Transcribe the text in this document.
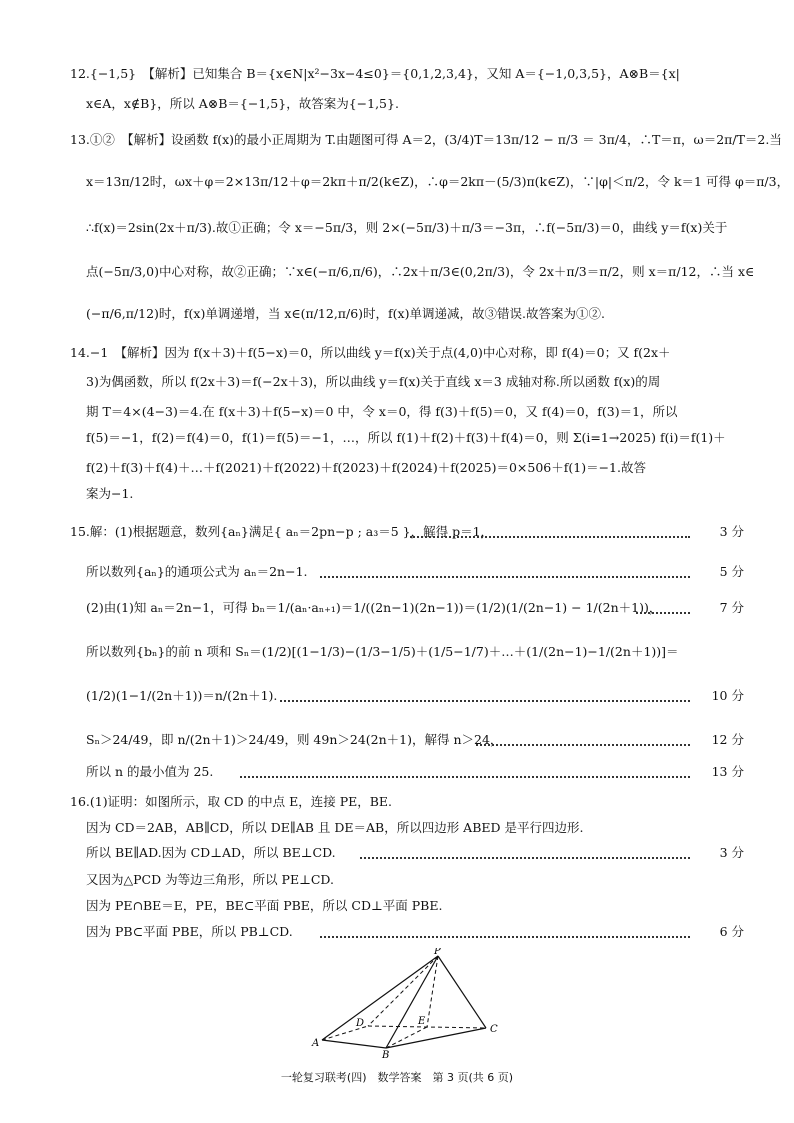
12.{−1,5}　【解析】已知集合 B＝{x∈N|x²−3x−4≤0}＝{0,1,2,3,4}，又知 A＝{−1,0,3,5}，A⊗B＝{x|
x∈A，x∉B}，所以 A⊗B＝{−1,5}，故答案为{−1,5}.
13.①②　【解析】设函数 f(x)的最小正周期为 T.由题图可得 A＝2，(3/4)T＝13π/12 − π/3 ＝ 3π/4，∴T＝π，ω＝2π/T＝2.当
x＝13π/12时，ωx＋φ＝2×13π/12＋φ＝2kπ＋π/2(k∈Z)，∴φ＝2kπ－(5/3)π(k∈Z)，∵|φ|＜π/2，令 k＝1 可得 φ＝π/3，
∴f(x)＝2sin(2x＋π/3).故①正确；令 x＝−5π/3，则 2×(−5π/3)＋π/3＝−3π，∴f(−5π/3)＝0，曲线 y＝f(x)关于
点(−5π/3,0)中心对称，故②正确；∵x∈(−π/6,π/6)，∴2x＋π/3∈(0,2π/3)，令 2x＋π/3＝π/2，则 x＝π/12，∴当 x∈
(−π/6,π/12)时，f(x)单调递增，当 x∈(π/12,π/6)时，f(x)单调递减，故③错误.故答案为①②.
14.−1　【解析】因为 f(x＋3)＋f(5−x)＝0，所以曲线 y＝f(x)关于点(4,0)中心对称，即 f(4)＝0；又 f(2x＋
3)为偶函数，所以 f(2x＋3)＝f(−2x＋3)，所以曲线 y＝f(x)关于直线 x＝3 成轴对称.所以函数 f(x)的周
期 T＝4×(4−3)＝4.在 f(x＋3)＋f(5−x)＝0 中，令 x＝0，得 f(3)＋f(5)＝0，又 f(4)＝0，f(3)＝1，所以
f(5)＝−1，f(2)＝f(4)＝0，f(1)＝f(5)＝−1，…，所以 f(1)＋f(2)＋f(3)＋f(4)＝0，则 Σ(i=1→2025) f(i)＝f(1)＋
f(2)＋f(3)＋f(4)＋…＋f(2021)＋f(2022)＋f(2023)＋f(2024)＋f(2025)＝0×506＋f(1)＝−1.故答
案为−1.
15.解：(1)根据题意，数列{aₙ}满足{ aₙ＝2pn−p ; a₃＝5 }，解得 p＝1，	3 分
所以数列{aₙ}的通项公式为 aₙ＝2n−1.	5 分
(2)由(1)知 aₙ＝2n−1，可得 bₙ＝1/(aₙ·aₙ₊₁)＝1/((2n−1)(2n−1))＝(1/2)(1/(2n−1) − 1/(2n＋1))，	7 分
所以数列{bₙ}的前 n 项和 Sₙ＝(1/2)[(1−1/3)−(1/3−1/5)＋(1/5−1/7)＋…＋(1/(2n−1)−1/(2n＋1))]＝
(1/2)(1−1/(2n＋1))＝n/(2n＋1).	10 分
Sₙ＞24/49，即 n/(2n＋1)＞24/49，则 49n＞24(2n＋1)，解得 n＞24，	12 分
所以 n 的最小值为 25.	13 分
16.(1)证明：如图所示，取 CD 的中点 E，连接 PE，BE.
因为 CD＝2AB，AB∥CD，所以 DE∥AB 且 DE＝AB，所以四边形 ABED 是平行四边形.
所以 BE∥AD.因为 CD⊥AD，所以 BE⊥CD.	3 分
又因为△PCD 为等边三角形，所以 PE⊥CD.
因为 PE∩BE＝E，PE，BE⊂平面 PBE，所以 CD⊥平面 PBE.
因为 PB⊂平面 PBE，所以 PB⊥CD.	6 分
P
A
B
C
D	E
一轮复习联考(四)　数学答案　第 3 页(共 6 页)
